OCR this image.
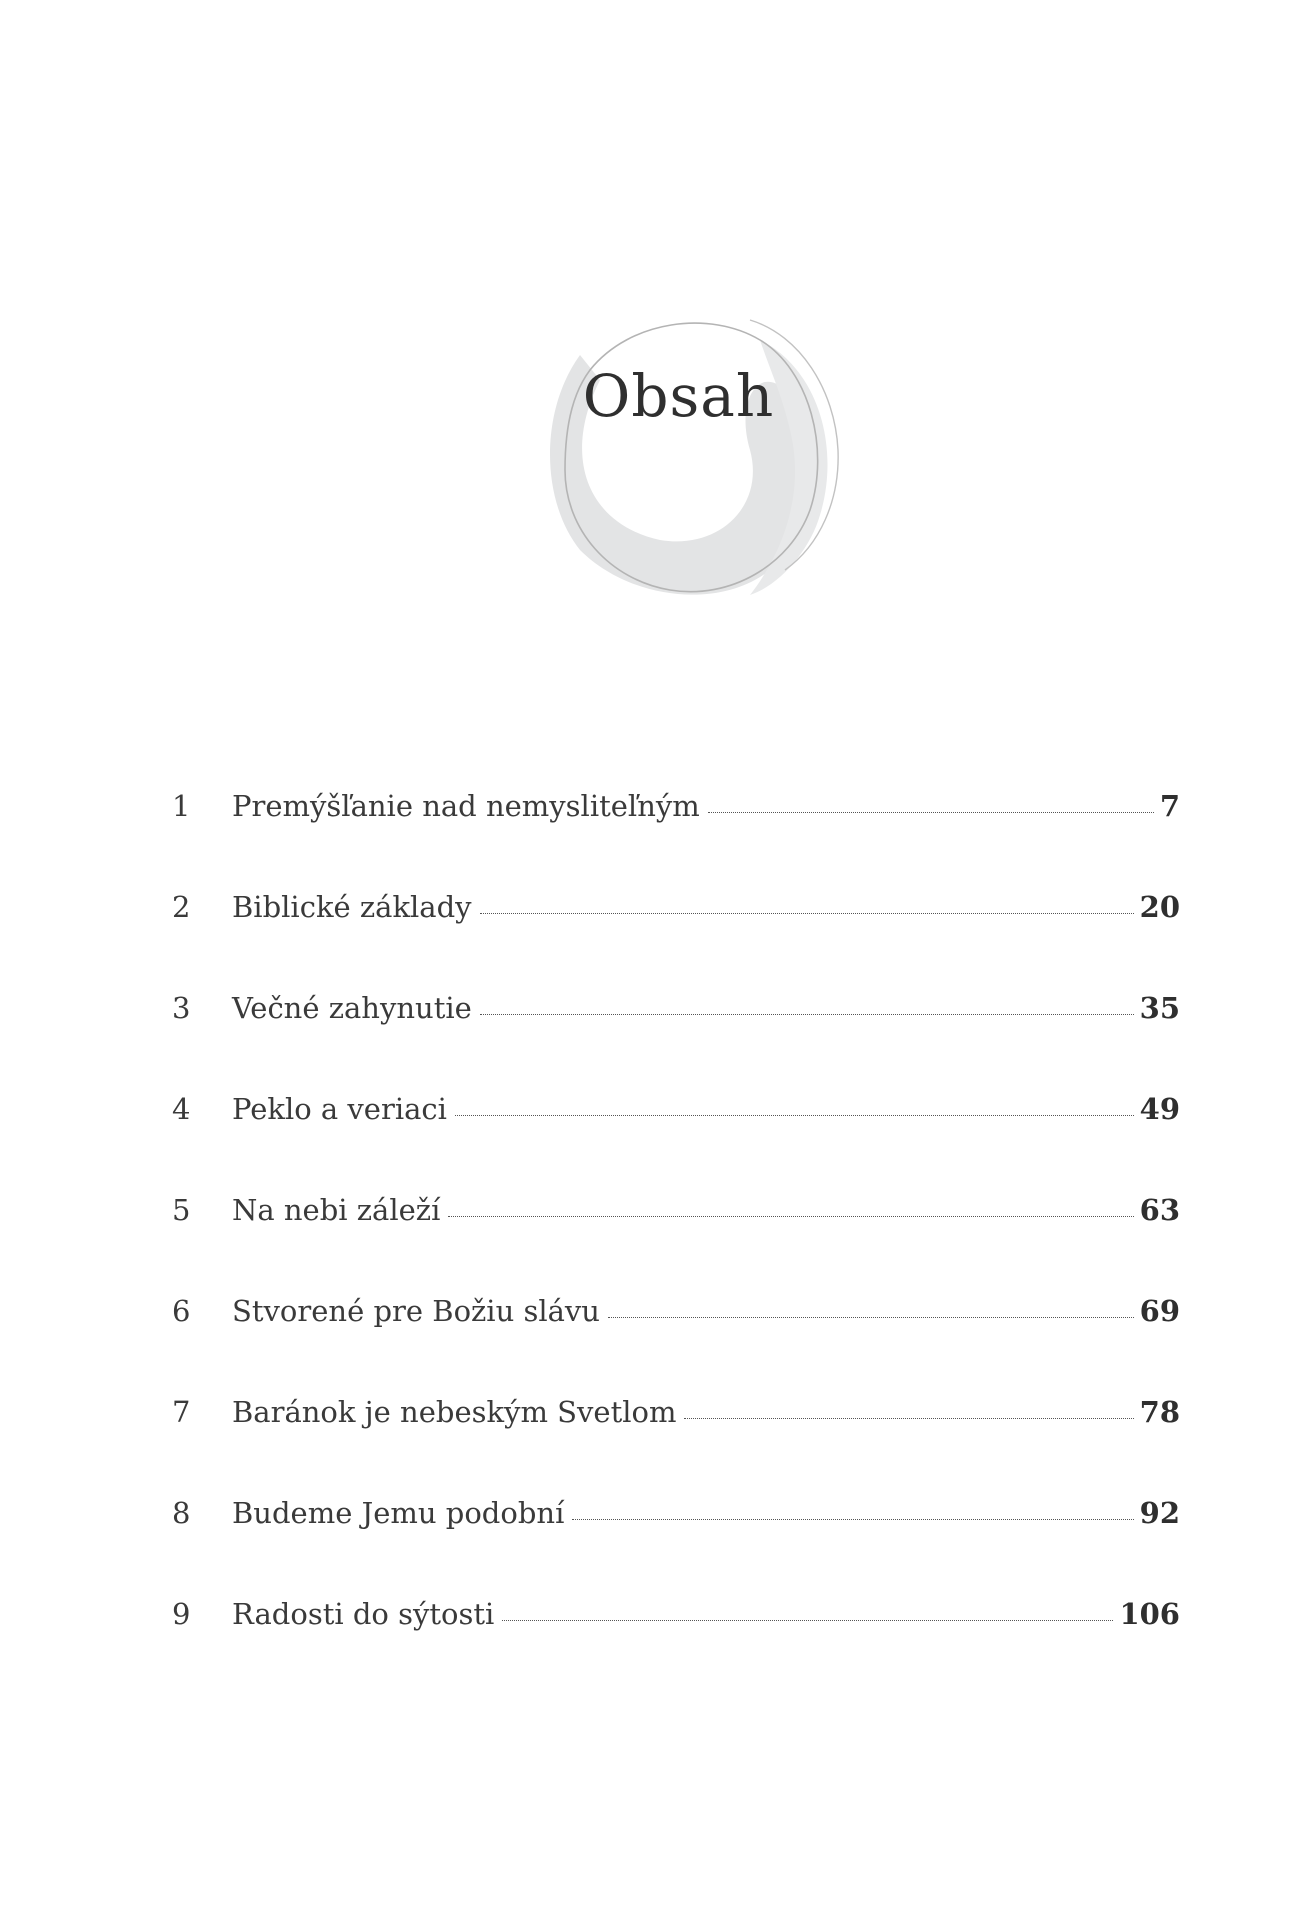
Obsah
1	Premýšľanie nad nemysliteľným	7
2	Biblické základy	20
3	Večné zahynutie	35
4	Peklo a veriaci	49
5	Na nebi záleží	63
6	Stvorené pre Božiu slávu	69
7	Baránok je nebeským Svetlom	78
8	Budeme Jemu podobní	92
9	Radosti do sýtosti	106
